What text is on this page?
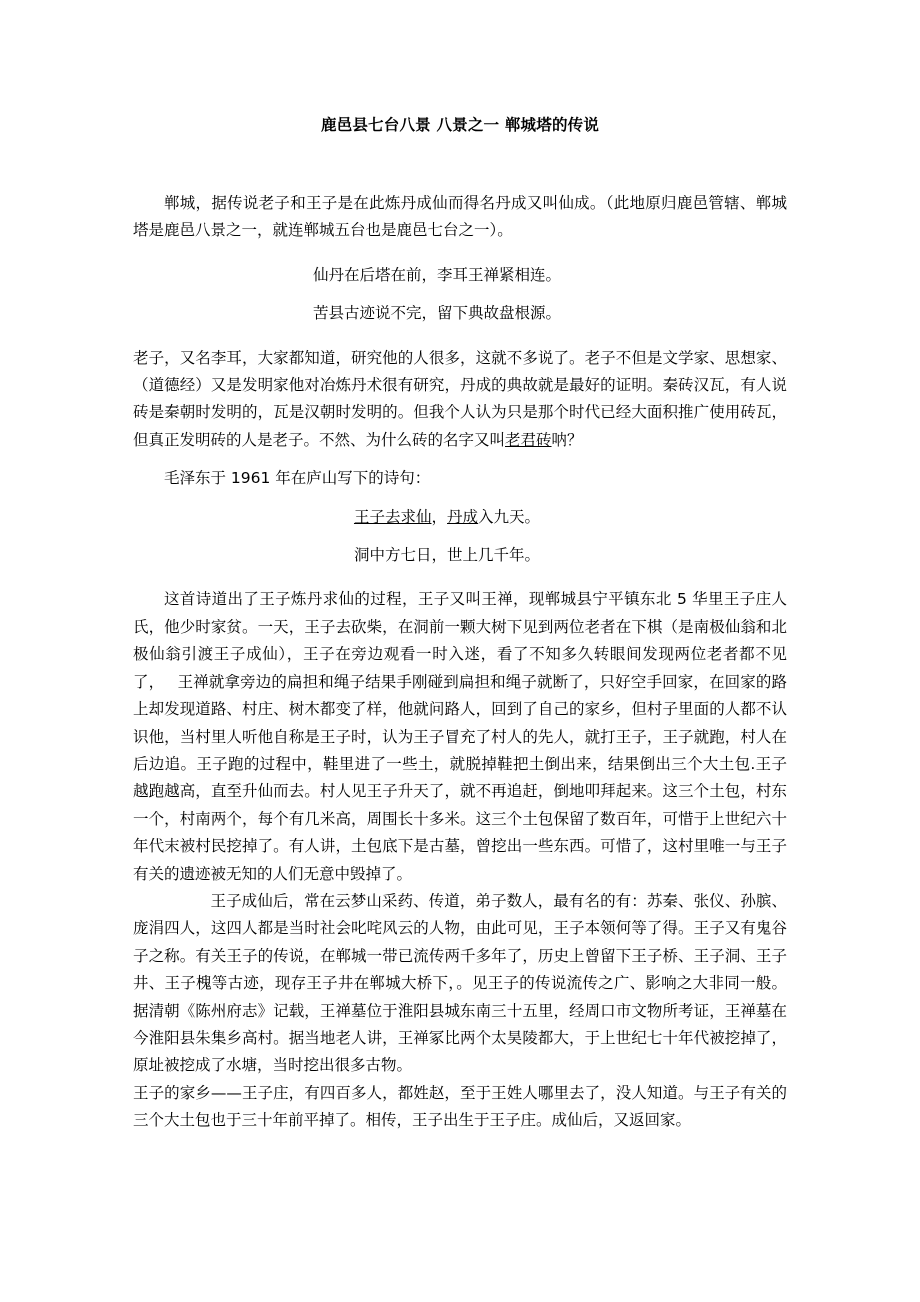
鹿邑县七台八景 八景之一 郸城塔的传说

郸城，据传说老子和王子是在此炼丹成仙而得名丹成又叫仙成。（此地原归鹿邑管辖、郸城塔是鹿邑八景之一，就连郸城五台也是鹿邑七台之一）。

仙丹在后塔在前，李耳王禅紧相连。

苦县古迹说不完，留下典故盘根源。

老子，又名李耳，大家都知道，研究他的人很多，这就不多说了。老子不但是文学家、思想家、（道德经）又是发明家他对冶炼丹术很有研究，丹成的典故就是最好的证明。秦砖汉瓦，有人说砖是秦朝时发明的，瓦是汉朝时发明的。但我个人认为只是那个时代已经大面积推广使用砖瓦，但真正发明砖的人是老子。不然、为什么砖的名字又叫老君砖呐？

毛泽东于 1961 年在庐山写下的诗句：

王子去求仙，丹成入九天。

洞中方七日，世上几千年。

这首诗道出了王子炼丹求仙的过程，王子又叫王禅，现郸城县宁平镇东北 5 华里王子庄人氏，他少时家贫。一天，王子去砍柴，在洞前一颗大树下见到两位老者在下棋（是南极仙翁和北极仙翁引渡王子成仙），王子在旁边观看一时入迷，看了不知多久转眼间发现两位老者都不见了， 王禅就拿旁边的扁担和绳子结果手刚碰到扁担和绳子就断了，只好空手回家，在回家的路上却发现道路、村庄、树木都变了样，他就问路人，回到了自己的家乡，但村子里面的人都不认识他，当村里人听他自称是王子时，认为王子冒充了村人的先人，就打王子，王子就跑，村人在后边追。王子跑的过程中，鞋里进了一些土，就脱掉鞋把土倒出来，结果倒出三个大土包.王子越跑越高，直至升仙而去。村人见王子升天了，就不再追赶，倒地叩拜起来。这三个土包，村东一个，村南两个，每个有几米高，周围长十多米。这三个土包保留了数百年，可惜于上世纪六十年代末被村民挖掉了。有人讲，土包底下是古墓，曾挖出一些东西。可惜了，这村里唯一与王子有关的遗迹被无知的人们无意中毁掉了。

王子成仙后，常在云梦山采药、传道，弟子数人，最有名的有：苏秦、张仪、孙膑、庞涓四人，这四人都是当时社会叱咤风云的人物，由此可见，王子本领何等了得。王子又有鬼谷子之称。有关王子的传说，在郸城一带已流传两千多年了，历史上曾留下王子桥、王子洞、王子井、王子槐等古迹，现存王子井在郸城大桥下，。见王子的传说流传之广、影响之大非同一般。据清朝《陈州府志》记载，王禅墓位于淮阳县城东南三十五里，经周口市文物所考证，王禅墓在今淮阳县朱集乡高村。据当地老人讲，王禅冢比两个太昊陵都大，于上世纪七十年代被挖掉了，原址被挖成了水塘，当时挖出很多古物。

王子的家乡——王子庄，有四百多人，都姓赵，至于王姓人哪里去了，没人知道。与王子有关的三个大土包也于三十年前平掉了。相传，王子出生于王子庄。成仙后，又返回家。
